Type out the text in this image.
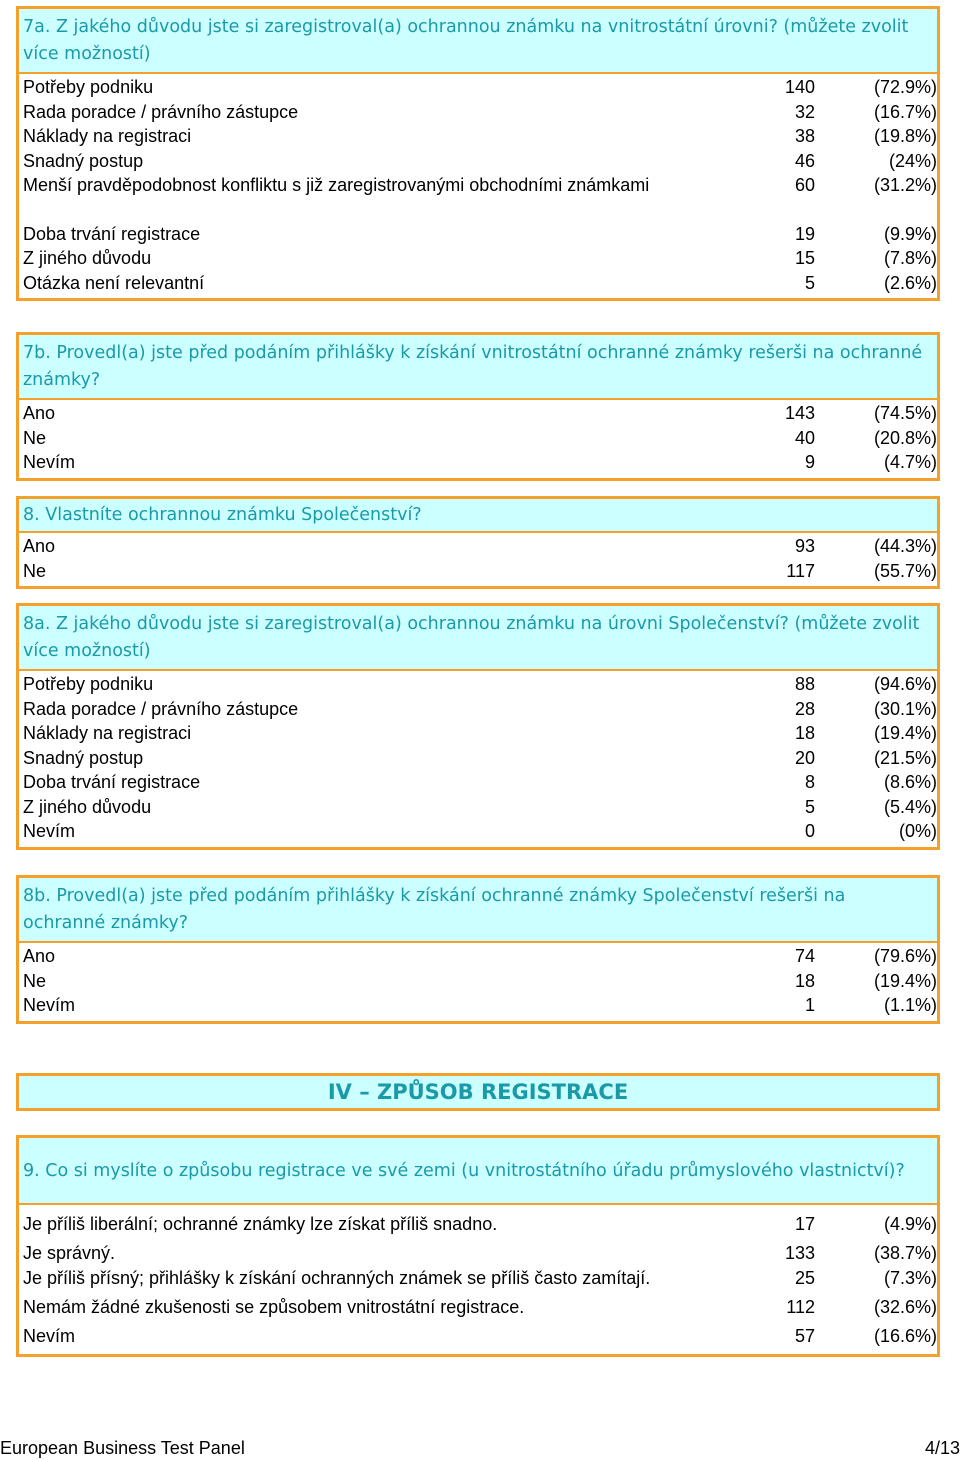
7a. Z jakého důvodu jste si zaregistroval(a) ochrannou známku na vnitrostátní úrovni? (můžete zvolit více možností)
Potřeby podniku	140	(72.9%)
Rada poradce / právního zástupce	32	(16.7%)
Náklady na registraci	38	(19.8%)
Snadný postup	46	(24%)
Menší pravděpodobnost konfliktu s již zaregistrovanými obchodními známkami	60	(31.2%)
Doba trvání registrace	19	(9.9%)
Z jiného důvodu	15	(7.8%)
Otázka není relevantní	5	(2.6%)
7b. Provedl(a) jste před podáním přihlášky k získání vnitrostátní ochranné známky rešerši na ochranné známky?
Ano	143	(74.5%)
Ne	40	(20.8%)
Nevím	9	(4.7%)
8. Vlastníte ochrannou známku Společenství?
Ano	93	(44.3%)
Ne	117	(55.7%)
8a. Z jakého důvodu jste si zaregistroval(a) ochrannou známku na úrovni Společenství? (můžete zvolit více možností)
Potřeby podniku	88	(94.6%)
Rada poradce / právního zástupce	28	(30.1%)
Náklady na registraci	18	(19.4%)
Snadný postup	20	(21.5%)
Doba trvání registrace	8	(8.6%)
Z jiného důvodu	5	(5.4%)
Nevím	0	(0%)
8b. Provedl(a) jste před podáním přihlášky k získání ochranné známky Společenství rešerši na ochranné známky?
Ano	74	(79.6%)
Ne	18	(19.4%)
Nevím	1	(1.1%)
IV – ZPŮSOB REGISTRACE
9. Co si myslíte o způsobu registrace ve své zemi (u vnitrostátního úřadu průmyslového vlastnictví)?
Je příliš liberální; ochranné známky lze získat příliš snadno.	17	(4.9%)
Je správný.	133	(38.7%)
Je příliš přísný; přihlášky k získání ochranných známek se příliš často zamítají.	25	(7.3%)
Nemám žádné zkušenosti se způsobem vnitrostátní registrace.	112	(32.6%)
Nevím	57	(16.6%)
European Business Test Panel	4/13
